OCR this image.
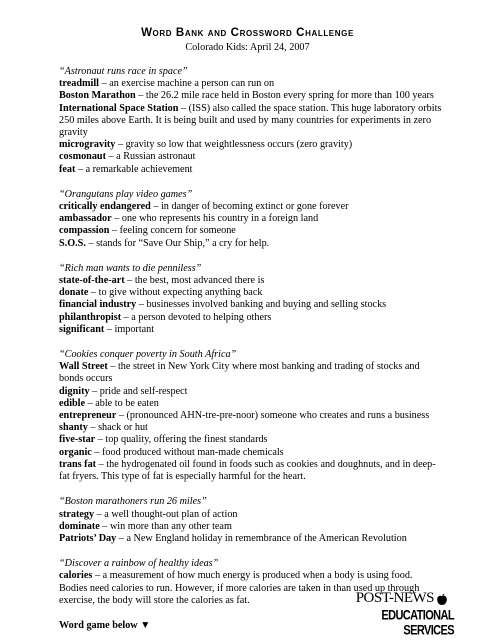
Word Bank and Crossword Challenge
Colorado Kids: April 24, 2007
“Astronaut runs race in space”
treadmill – an exercise machine a person can run on
Boston Marathon – the 26.2 mile race held in Boston every spring for more than 100 years
International Space Station – (ISS) also called the space station. This huge laboratory orbits 250 miles above Earth. It is being built and used by many countries for experiments in zero gravity
microgravity – gravity so low that weightlessness occurs (zero gravity)
cosmonaut – a Russian astronaut
feat – a remarkable achievement
“Orangutans play video games”
critically endangered – in danger of becoming extinct or gone forever
ambassador – one who represents his country in a foreign land
compassion – feeling concern for someone
S.O.S. – stands for “Save Our Ship,” a cry for help.
“Rich man wants to die penniless”
state-of-the-art – the best, most advanced there is
donate – to give without expecting anything back
financial industry – businesses involved banking and buying and selling stocks
philanthropist – a person devoted to helping others
significant – important
“Cookies conquer poverty in South Africa”
Wall Street – the street in New York City where most banking and trading of stocks and bonds occurs
dignity – pride and self-respect
edible – able to be eaten
entrepreneur – (pronounced AHN-tre-pre-noor) someone who creates and runs a business
shanty – shack or hut
five-star – top quality, offering the finest standards
organic – food produced without man-made chemicals
trans fat – the hydrogenated oil found in foods such as cookies and doughnuts, and in deep-fat fryers. This type of fat is especially harmful for the heart.
“Boston marathoners run 26 miles”
strategy – a well thought-out plan of action
dominate – win more than any other team
Patriots’ Day – a New England holiday in remembrance of the American Revolution
“Discover a rainbow of healthy ideas”
calories – a measurement of how much energy is produced when a body is using food. Bodies need calories to run. However, if more calories are taken in than used up through exercise, the body will store the calories as fat.
Word game below ▼
POST-NEWS
EDUCATIONAL SERVICES
